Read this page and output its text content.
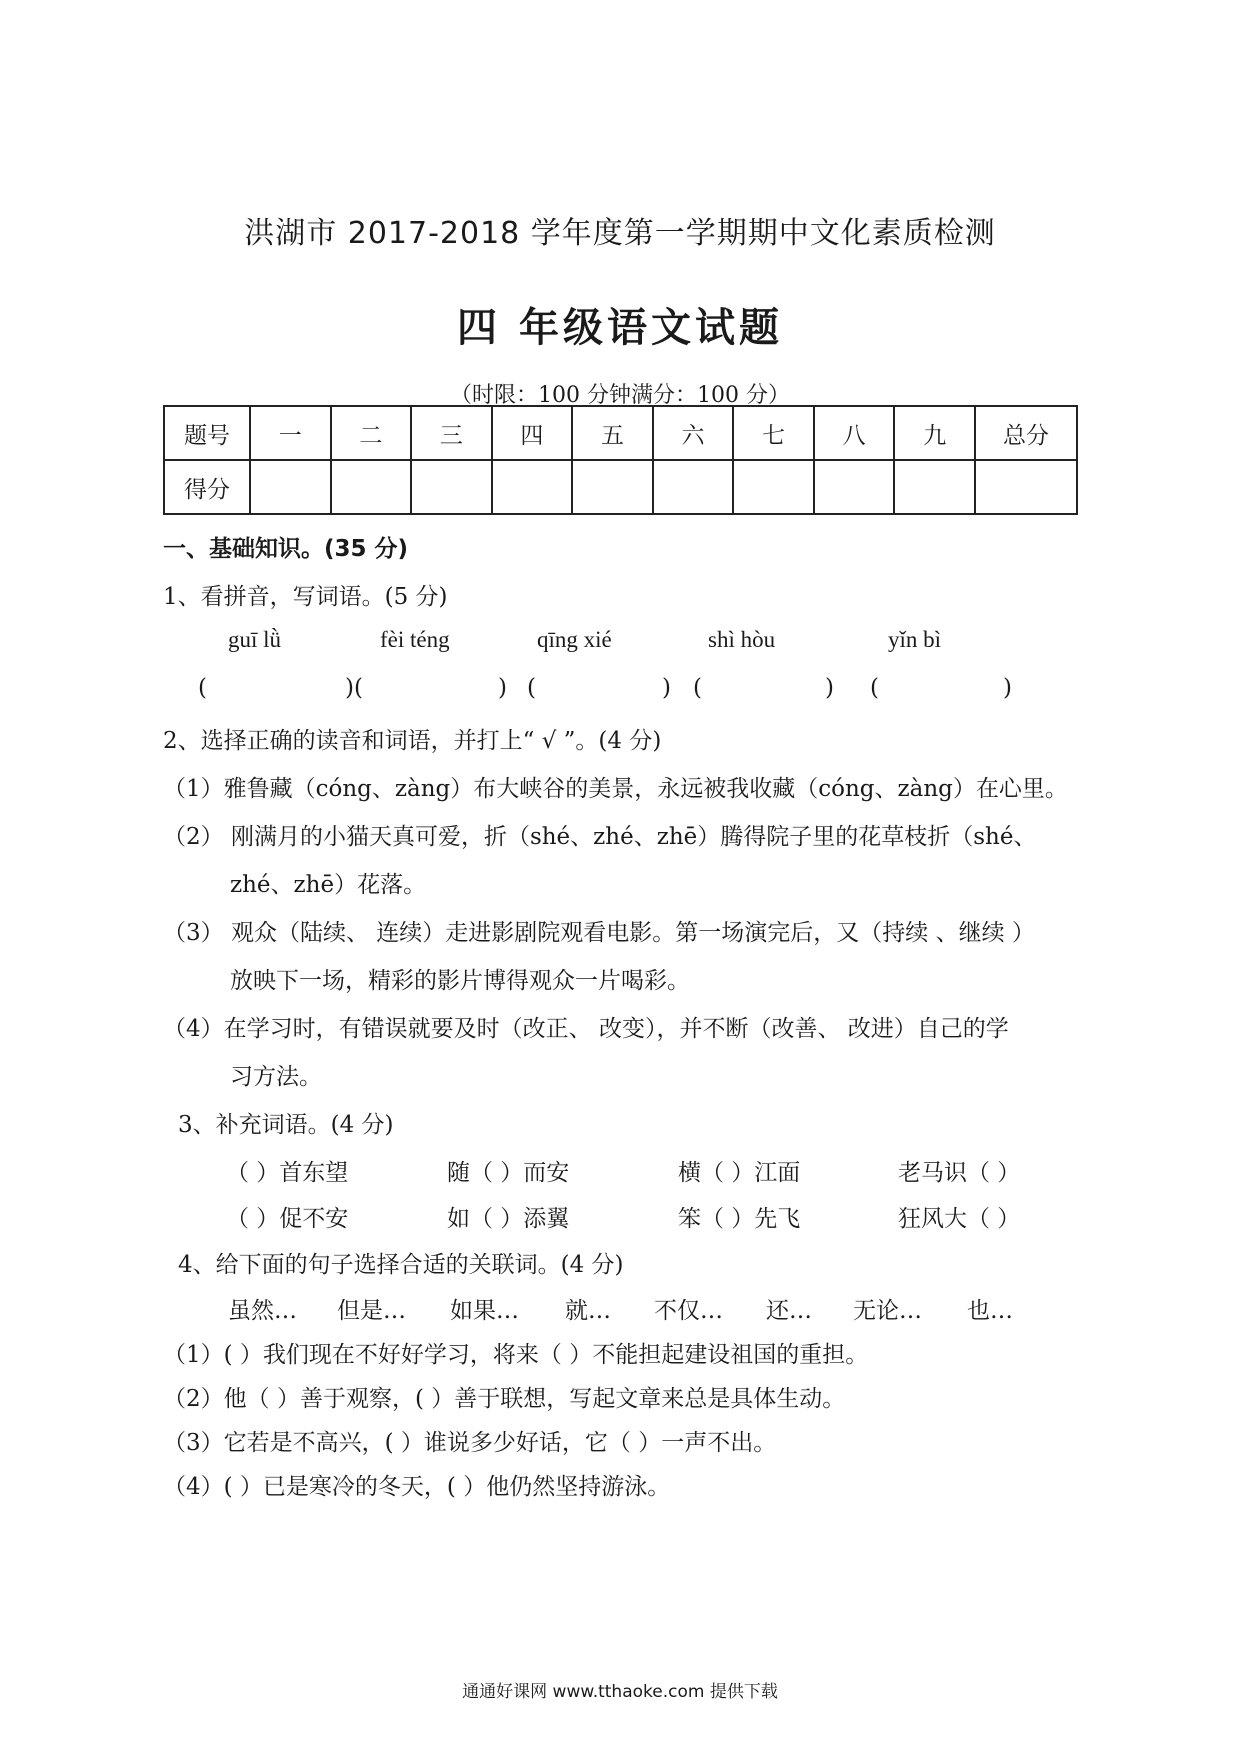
洪湖市 2017-2018 学年度第一学期期中文化素质检测
四 年级语文试题
（时限：100 分钟满分：100 分）
题号	一	二	三	四	五	六	七	八	九	总分
得分										
一、基础知识。(35 分)
1、看拼音，写词语。(5 分)
guī lǜ	fèi téng	qīng xié	shì hòu	yǐn bì
(	)(	) (	) (	) (	)
2、选择正确的读音和词语，并打上“ √ ”。(4 分)
（1）雅鲁藏（cóng、zàng）布大峡谷的美景，永远被我收藏（cóng、zàng）在心里。
（2） 刚满月的小猫天真可爱，折（shé、zhé、zhē）腾得院子里的花草枝折（shé、
zhé、zhē）花落。
（3） 观众（陆续、 连续）走进影剧院观看电影。第一场演完后，又（持续 、继续 ）
放映下一场，精彩的影片博得观众一片喝彩。
（4）在学习时，有错误就要及时（改正、 改变），并不断（改善、 改进）自己的学
习方法。
3、补充词语。(4 分)
（ ）首东望	随（ ）而安	横（ ）江面	老马识（ ）
（ ）促不安	如（ ）添翼	笨（ ）先飞	狂风大（ ）
4、给下面的句子选择合适的关联词。(4 分)
虽然… 但是… 如果… 就… 不仅… 还… 无论… 也…
（1）( ）我们现在不好好学习，将来（ ）不能担起建设祖国的重担。
（2）他（ ）善于观察，( ）善于联想，写起文章来总是具体生动。
（3）它若是不高兴，( ）谁说多少好话，它（ ）一声不出。
（4）( ）已是寒冷的冬天，( ）他仍然坚持游泳。
通通好课网 www.tthaoke.com 提供下载
